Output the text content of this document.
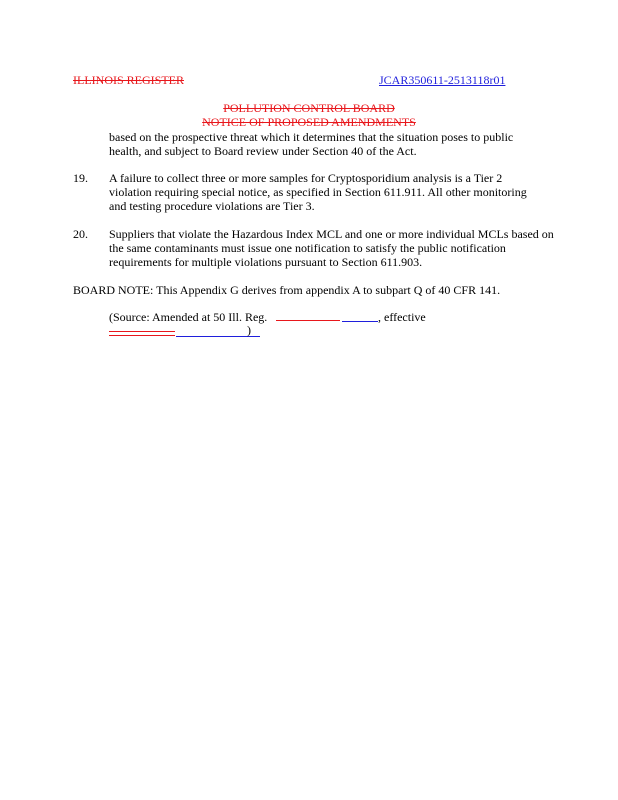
ILLINOIS REGISTER	JCAR350611-2513118r01
POLLUTION CONTROL BOARD
NOTICE OF PROPOSED AMENDMENTS
based on the prospective threat which it determines that the situation poses to public
health, and subject to Board review under Section 40 of the Act.
19. A failure to collect three or more samples for Cryptosporidium analysis is a Tier 2
violation requiring special notice, as specified in Section 611.911. All other monitoring
and testing procedure violations are Tier 3.
20. Suppliers that violate the Hazardous Index MCL and one or more individual MCLs based on
the same contaminants must issue one notification to satisfy the public notification
requirements for multiple violations pursuant to Section 611.903.
BOARD NOTE: This Appendix G derives from appendix A to subpart Q of 40 CFR 141.
(Source: Amended at 50 Ill. Reg.	, effective
)
